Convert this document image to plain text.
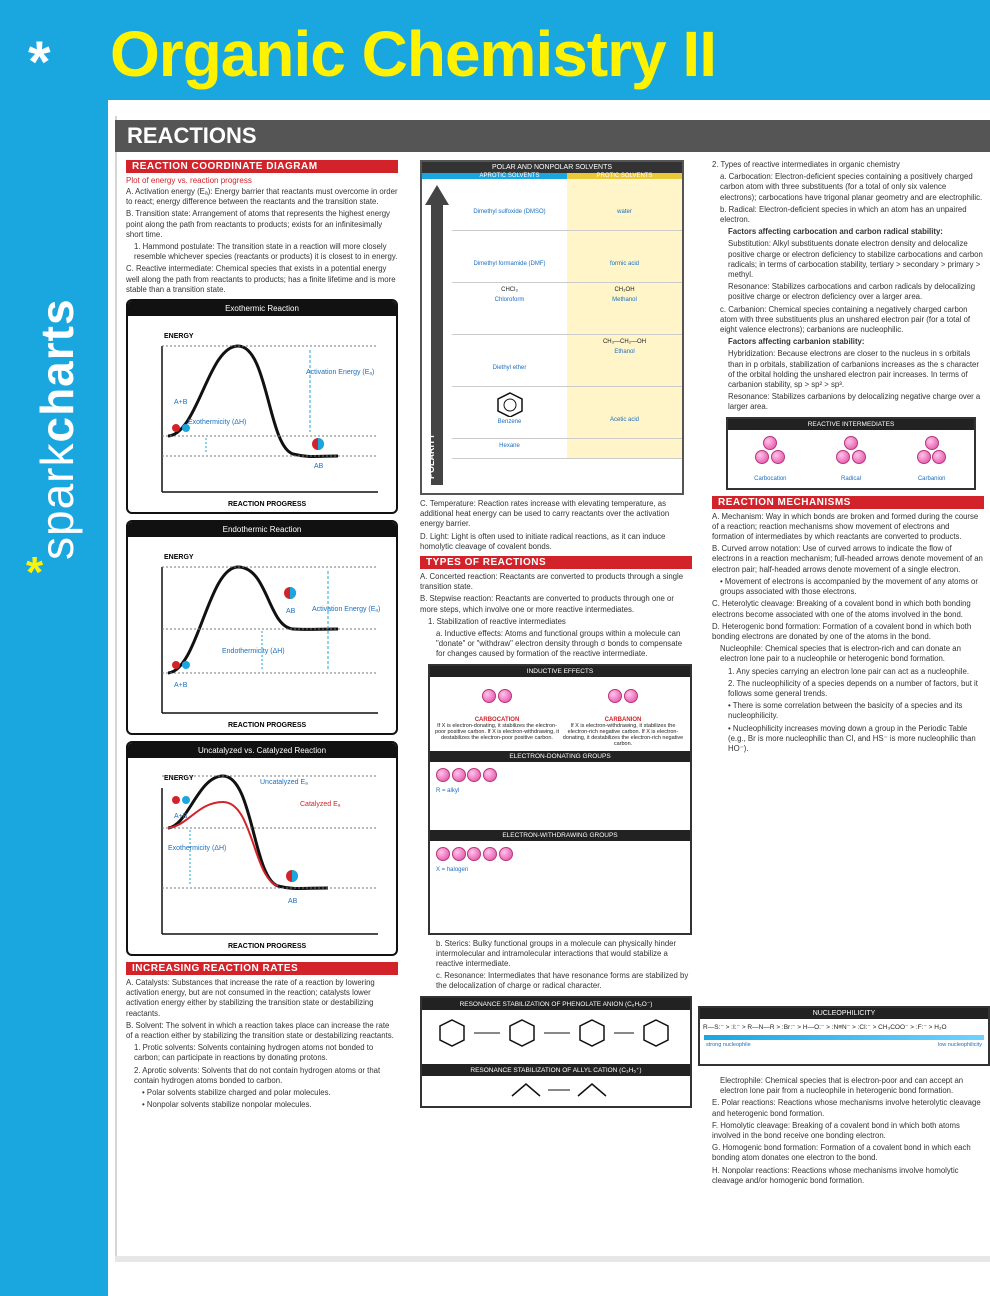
* Organic Chemistry II
*
sparkcharts
REACTIONS
REACTION COORDINATE DIAGRAM
Plot of energy vs. reaction progress
A. Activation energy (Eₐ): Energy barrier that reactants must overcome in order to react; energy difference between the reactants and the transition state.
B. Transition state: Arrangement of atoms that represents the highest energy point along the path from reactants to products; exists for an infinitesimally short time.
1. Hammond postulate: The transition state in a reaction will more closely resemble whichever species (reactants or products) it is closest to in energy.
C. Reactive intermediate: Chemical species that exists in a potential energy well along the path from reactants to products; has a finite lifetime and is more stable than a transition state.
Exothermic Reaction
ENERGY
A+B
AB
Activation Energy (Eₐ)
Exothermicity (ΔH)
REACTION PROGRESS
Endothermic Reaction
ENERGY
A+B
AB Activation Energy (Eₐ)
Endothermicity (ΔH)
REACTION PROGRESS
Uncatalyzed vs. Catalyzed Reaction
ENERGY
A+B
AB
Uncatalyzed Eₐ
Catalyzed Eₐ
Exothermicity (ΔH)
REACTION PROGRESS
INCREASING REACTION RATES
A. Catalysts: Substances that increase the rate of a reaction by lowering activation energy, but are not consumed in the reaction; catalysts lower activation energy either by stabilizing the transition state or destabilizing reactants.
B. Solvent: The solvent in which a reaction takes place can increase the rate of a reaction either by stabilizing the transition state or destabilizing reactants.
1. Protic solvents: Solvents containing hydrogen atoms not bonded to carbon; can participate in reactions by donating protons.
2. Aprotic solvents: Solvents that do not contain hydrogen atoms or that contain hydrogen atoms bonded to carbon.
• Polar solvents stabilize charged and polar molecules.
• Nonpolar solvents stabilize nonpolar molecules.
POLAR AND NONPOLAR SOLVENTS
APROTIC SOLVENTS	PROTIC SOLVENTS
POLARITY
Dimethyl sulfoxide (DMSO)
Dimethyl formamide (DMF)
CHCl₃
Chloroform
Diethyl ether
Benzene
Hexane
water
formic acid
CH₃OH
Methanol
CH₃—CH₂—OH
Ethanol
Acetic acid
C. Temperature: Reaction rates increase with elevating temperature, as additional heat energy can be used to carry reactants over the activation energy barrier.
D. Light: Light is often used to initiate radical reactions, as it can induce homolytic cleavage of covalent bonds.
TYPES OF REACTIONS
A. Concerted reaction: Reactants are converted to products through a single transition state.
B. Stepwise reaction: Reactants are converted to products through one or more steps, which involve one or more reactive intermediates.
1. Stabilization of reactive intermediates
a. Inductive effects: Atoms and functional groups within a molecule can "donate" or "withdraw" electron density through σ bonds to compensate for changes caused by formation of the reactive intermediate.
INDUCTIVE EFFECTS

CARBOCATION
If X is electron-donating, it stabilizes the electron-poor positive carbon. If X is electron-withdrawing, it destabilizes the electron-poor positive carbon.

CARBANION
If X is electron-withdrawing, it stabilizes the electron-rich negative carbon. If X is electron-donating, it destabilizes the electron-rich negative carbon.
ELECTRON-DONATING GROUPS

R = alkyl
ELECTRON-WITHDRAWING GROUPS

X = halogen
b. Sterics: Bulky functional groups in a molecule can physically hinder intermolecular and intramolecular interactions that would stabilize a reactive intermediate.
c. Resonance: Intermediates that have resonance forms are stabilized by the delocalization of charge or radical character.
RESONANCE STABILIZATION OF PHENOLATE ANION (C₆H₅O⁻)
RESONANCE STABILIZATION OF ALLYL CATION (C₃H₅⁺)
2. Types of reactive intermediates in organic chemistry
a. Carbocation: Electron-deficient species containing a positively charged carbon atom with three substituents (for a total of only six valence electrons); carbocations have trigonal planar geometry and are electrophilic.
b. Radical: Electron-deficient species in which an atom has an unpaired electron.
Factors affecting carbocation and carbon radical stability:
Substitution: Alkyl substituents donate electron density and delocalize positive charge or electron deficiency to stabilize carbocations and carbon radicals; in terms of carbocation stability, tertiary > secondary > primary > methyl.
Resonance: Stabilizes carbocations and carbon radicals by delocalizing positive charge or electron deficiency over a larger area.
c. Carbanion: Chemical species containing a negatively charged carbon atom with three substituents plus an unshared electron pair (for a total of eight valence electrons); carbanions are nucleophilic.
Factors affecting carbanion stability:
Hybridization: Because electrons are closer to the nucleus in s orbitals than in p orbitals, stabilization of carbanions increases as the s character of the orbital holding the unshared electron pair increases. In terms of carbanion stability, sp > sp² > sp³.
Resonance: Stabilizes carbanions by delocalizing negative charge over a larger area.
REACTIVE INTERMEDIATES

Carbocation

	Radical

	Carbanion
REACTION MECHANISMS
A. Mechanism: Way in which bonds are broken and formed during the course of a reaction; reaction mechanisms show movement of electrons and formation of intermediates by which reactants are converted to products.
B. Curved arrow notation: Use of curved arrows to indicate the flow of electrons in a reaction mechanism; full-headed arrows denote movement of an electron pair; half-headed arrows denote movement of a single electron.
• Movement of electrons is accompanied by the movement of any atoms or groups associated with those electrons.
C. Heterolytic cleavage: Breaking of a covalent bond in which both bonding electrons become associated with one of the atoms involved in the bond.
D. Heterogenic bond formation: Formation of a covalent bond in which both bonding electrons are donated by one of the atoms in the bond.
Nucleophile: Chemical species that is electron-rich and can donate an electron lone pair to a nucleophile or heterogenic bond formation.
1. Any species carrying an electron lone pair can act as a nucleophile.
2. The nucleophilicity of a species depends on a number of factors, but it follows some general trends.
• There is some correlation between the basicity of a species and its nucleophilicity.
• Nucleophilicity increases moving down a group in the Periodic Table (e.g., Br is more nucleophilic than Cl, and HS⁻ is more nucleophilic than HO⁻).
NUCLEOPHILICITY
R—S:⁻ > :I:⁻ > R—N—R > :Br:⁻ > H—O:⁻ > :N≡N⁻ > :Cl:⁻ > CH₃COO⁻ > :F:⁻ > H₂O
strong nucleophile	low nucleophilicity
Electrophile: Chemical species that is electron-poor and can accept an electron lone pair from a nucleophile in heterogenic bond formation.
E. Polar reactions: Reactions whose mechanisms involve heterolytic cleavage and heterogenic bond formation.
F. Homolytic cleavage: Breaking of a covalent bond in which both atoms involved in the bond receive one bonding electron.
G. Homogenic bond formation: Formation of a covalent bond in which each bonding atom donates one electron to the bond.
H. Nonpolar reactions: Reactions whose mechanisms involve homolytic cleavage and/or homogenic bond formation.
